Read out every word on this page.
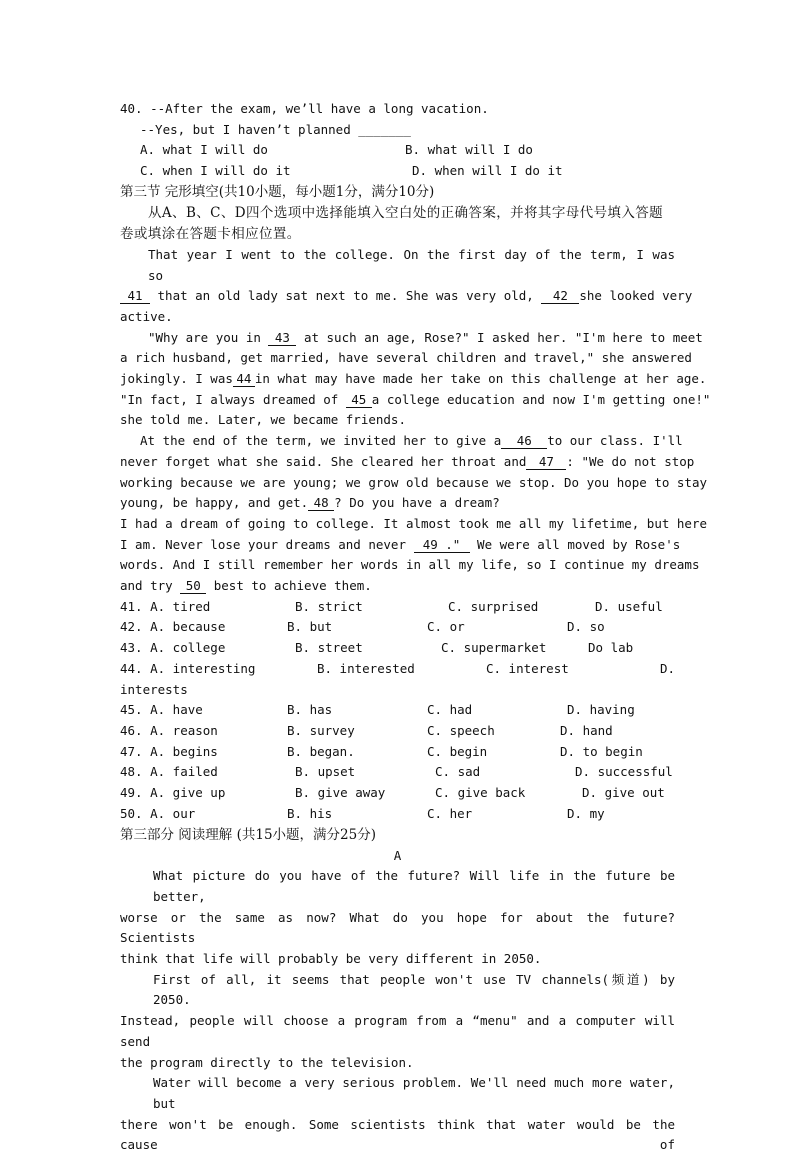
40. --After the exam, we’ll have a long vacation.
--Yes, but I haven’t planned _______
A. what I will do	B. what will I do
C. when I will do it	D. when will I do it
第三节 完形填空(共10小题，每小题1分，满分10分)
从A、B、C、D四个选项中选择能填入空白处的正确答案，并将其字母代号填入答题卷或填涂在答题卡相应位置。
That year I went to the college. On the first day of the term, I was so
41 that an old lady sat next to me. She was very old, 42 she looked very
active.
"Why are you in 43 at such an age, Rose?" I asked her. "I'm here to meet
a rich husband, get married, have several children and travel," she answered
jokingly. I was 44 in what may have made her take on this challenge at her age.
"In fact, I always dreamed of 45 a college education and now I'm getting one!"
she told me. Later, we became friends.
At the end of the term, we invited her to give a 46 to our class. I'll
never forget what she said. She cleared her throat and 47 : "We do not stop
working because we are young; we grow old because we stop. Do you hope to stay
young, be happy, and get. 48 ? Do you have a dream?
I had a dream of going to college. It almost took me all my lifetime, but here
I am. Never lose your dreams and never 49 ." We were all moved by Rose's
words. And I still remember her words in all my life, so I continue my dreams
and try 50 best to achieve them.
41. A. tired	B. strict	C. surprised	D. useful
42. A. because	B. but	C. or	D. so
43. A. college	B. street	C. supermarket	Do lab
44. A. interesting	B. interested	C. interest	D.
interests
45. A. have	B. has	C. had	D. having
46. A. reason	B. survey	C. speech	D. hand
47. A. begins	B. began.	C. begin	D. to begin
48. A. failed	B. upset	C. sad	D. successful
49. A. give up	B. give away	C. give back	D. give out
50. A. our	B. his	C. her	D. my
第三部分 阅读理解 (共15小题，满分25分)
A
What picture do you have of the future? Will life in the future be better,
worse or the same as now? What do you hope for about the future? Scientists
think that life will probably be very different in 2050.
First of all, it seems that people won't use TV channels(频道) by 2050.
Instead, people will choose a program from a “menu" and a computer will send
the program directly to the television.
Water will become a very serious problem. We'll need much more water, but
there won't be enough. Some scientists think that water would be the cause of
